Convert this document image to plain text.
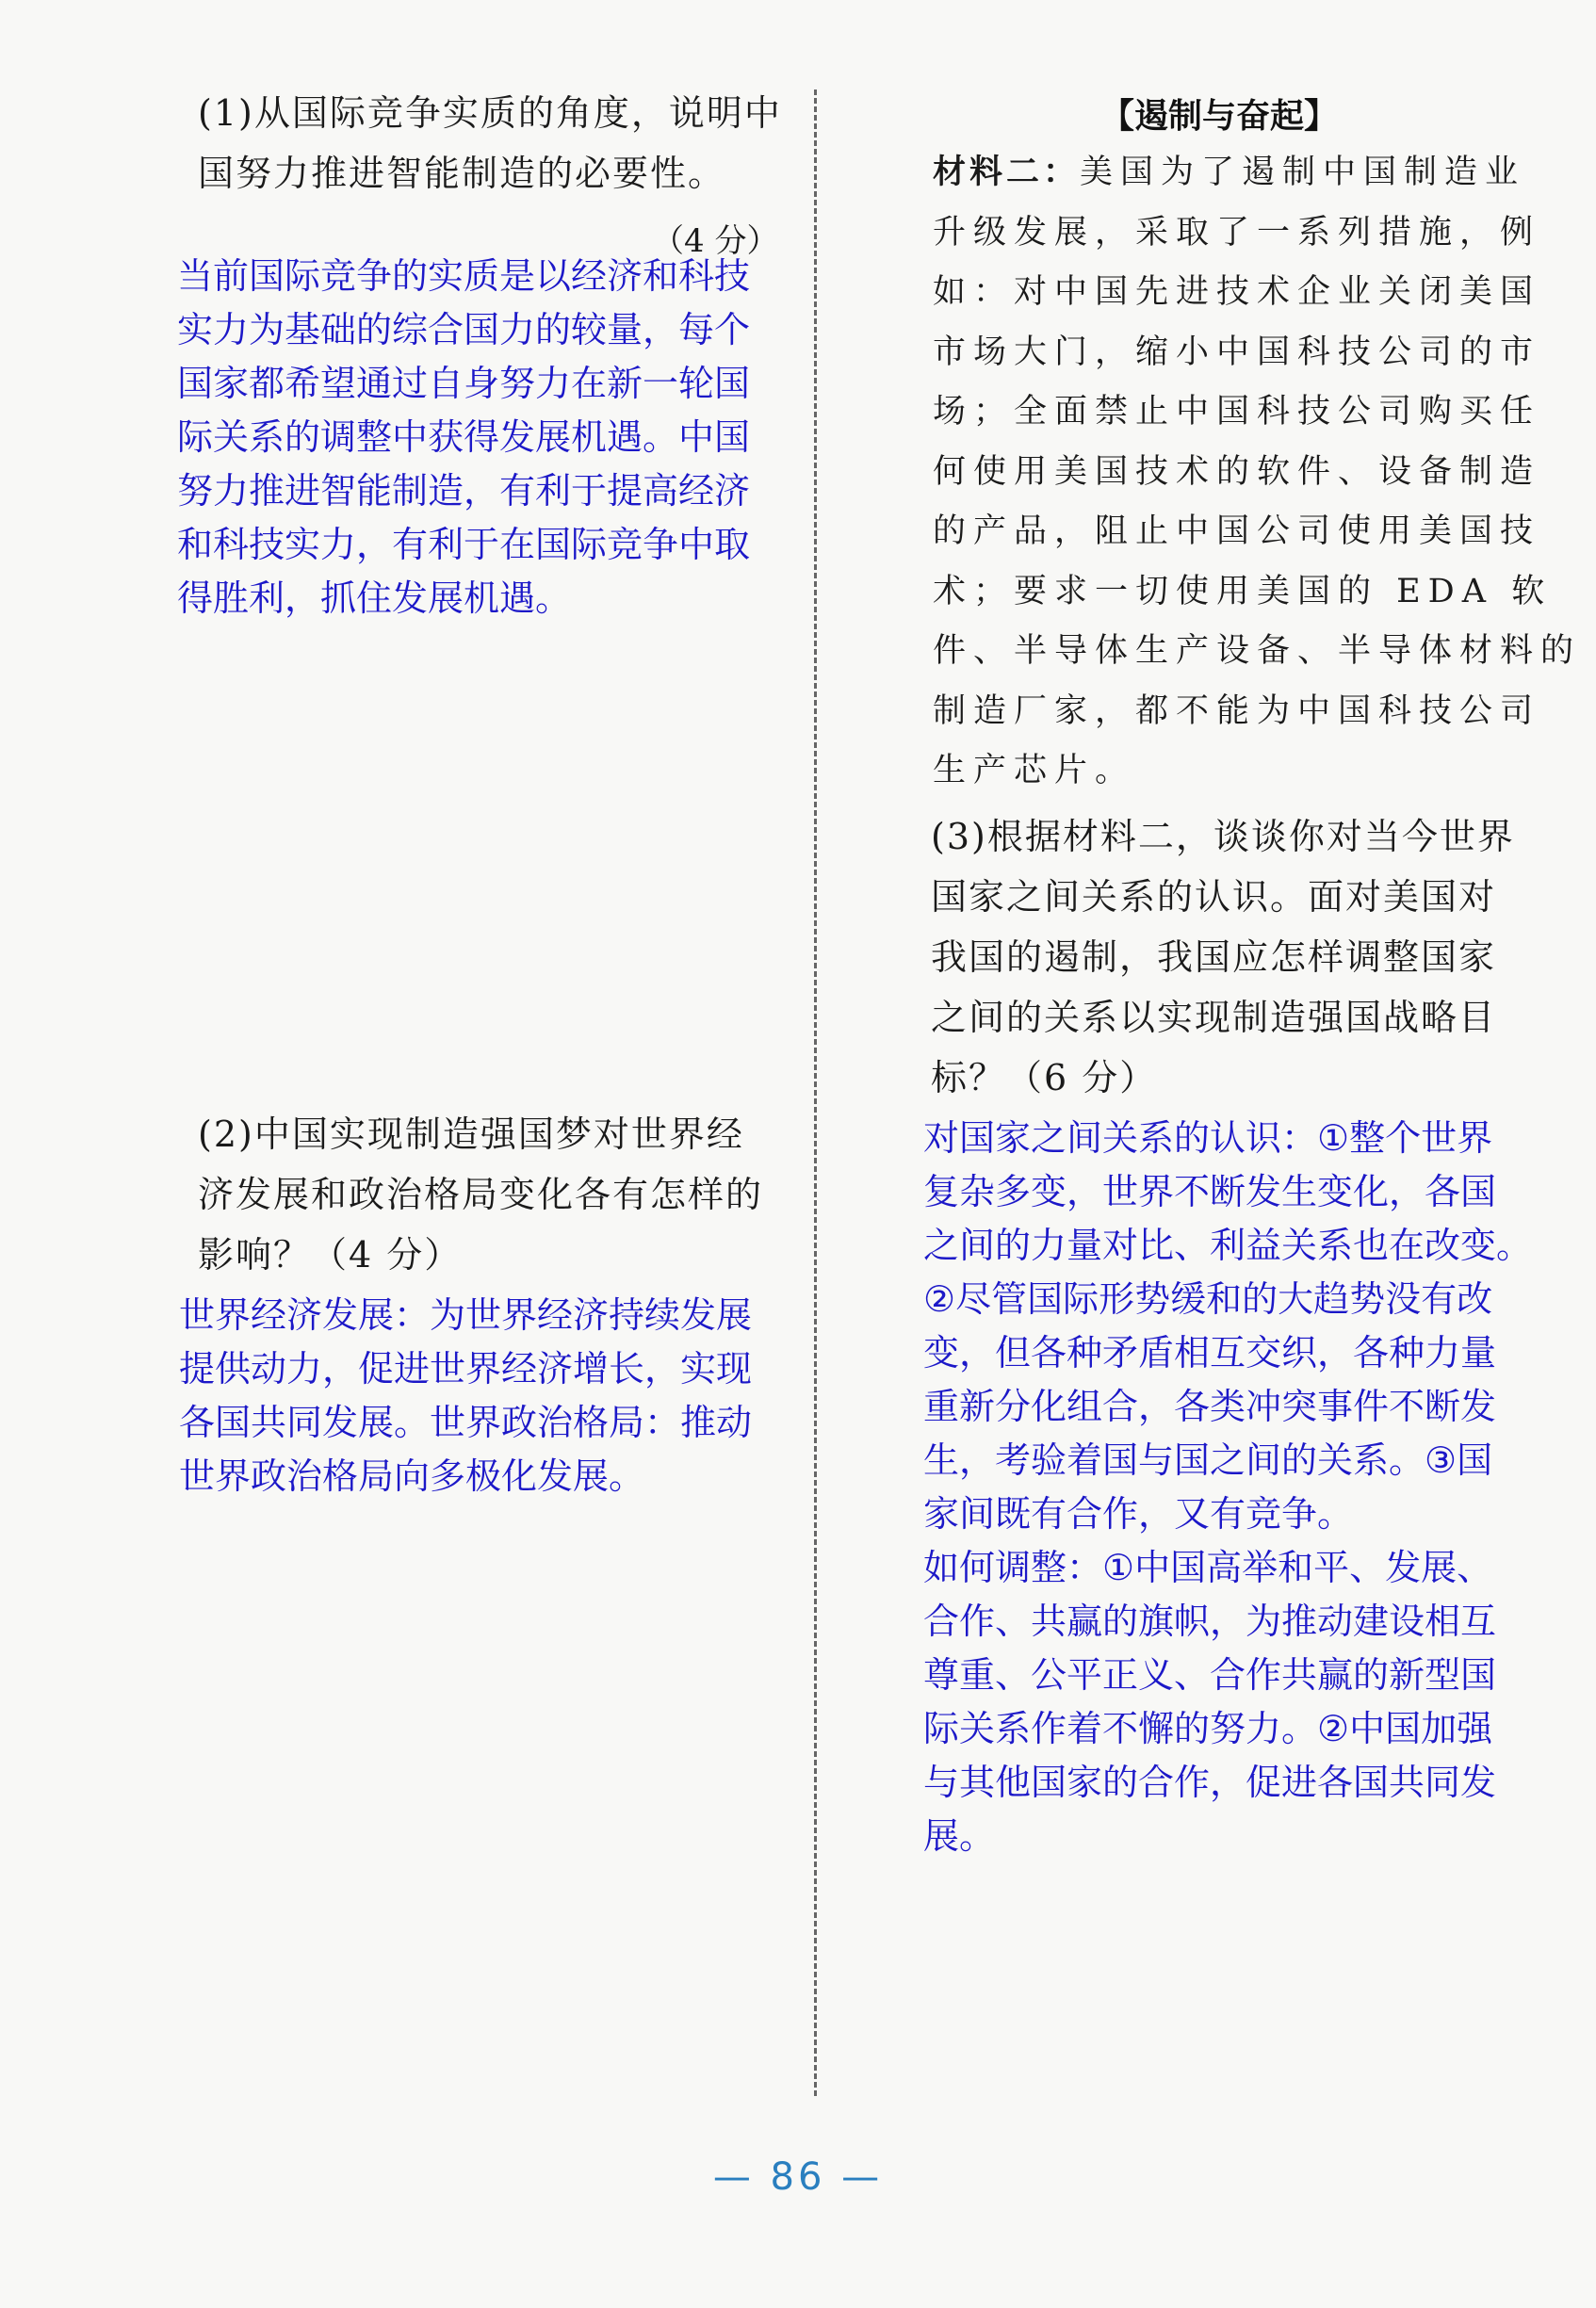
(1)从国际竞争实质的角度，说明中
国努力推进智能制造的必要性。
（4 分）
当前国际竞争的实质是以经济和科技
实力为基础的综合国力的较量，每个
国家都希望通过自身努力在新一轮国
际关系的调整中获得发展机遇。中国
努力推进智能制造，有利于提高经济
和科技实力，有利于在国际竞争中取
得胜利，抓住发展机遇。
(2)中国实现制造强国梦对世界经
济发展和政治格局变化各有怎样的
影响？（4 分）
世界经济发展：为世界经济持续发展
提供动力，促进世界经济增长，实现
各国共同发展。世界政治格局：推动
世界政治格局向多极化发展。
【遏制与奋起】
材料二：美国为了遏制中国制造业
升级发展，采取了一系列措施，例
如：对中国先进技术企业关闭美国
市场大门，缩小中国科技公司的市
场；全面禁止中国科技公司购买任
何使用美国技术的软件、设备制造
的产品，阻止中国公司使用美国技
术；要求一切使用美国的 EDA 软
件、半导体生产设备、半导体材料的
制造厂家，都不能为中国科技公司
生产芯片。
(3)根据材料二，谈谈你对当今世界
国家之间关系的认识。面对美国对
我国的遏制，我国应怎样调整国家
之间的关系以实现制造强国战略目
标？（6 分）
对国家之间关系的认识：①整个世界
复杂多变，世界不断发生变化，各国
之间的力量对比、利益关系也在改变。
②尽管国际形势缓和的大趋势没有改
变，但各种矛盾相互交织，各种力量
重新分化组合，各类冲突事件不断发
生，考验着国与国之间的关系。③国
家间既有合作，又有竞争。
如何调整：①中国高举和平、发展、
合作、共赢的旗帜，为推动建设相互
尊重、公平正义、合作共赢的新型国
际关系作着不懈的努力。②中国加强
与其他国家的合作，促进各国共同发
展。
— 86 —
